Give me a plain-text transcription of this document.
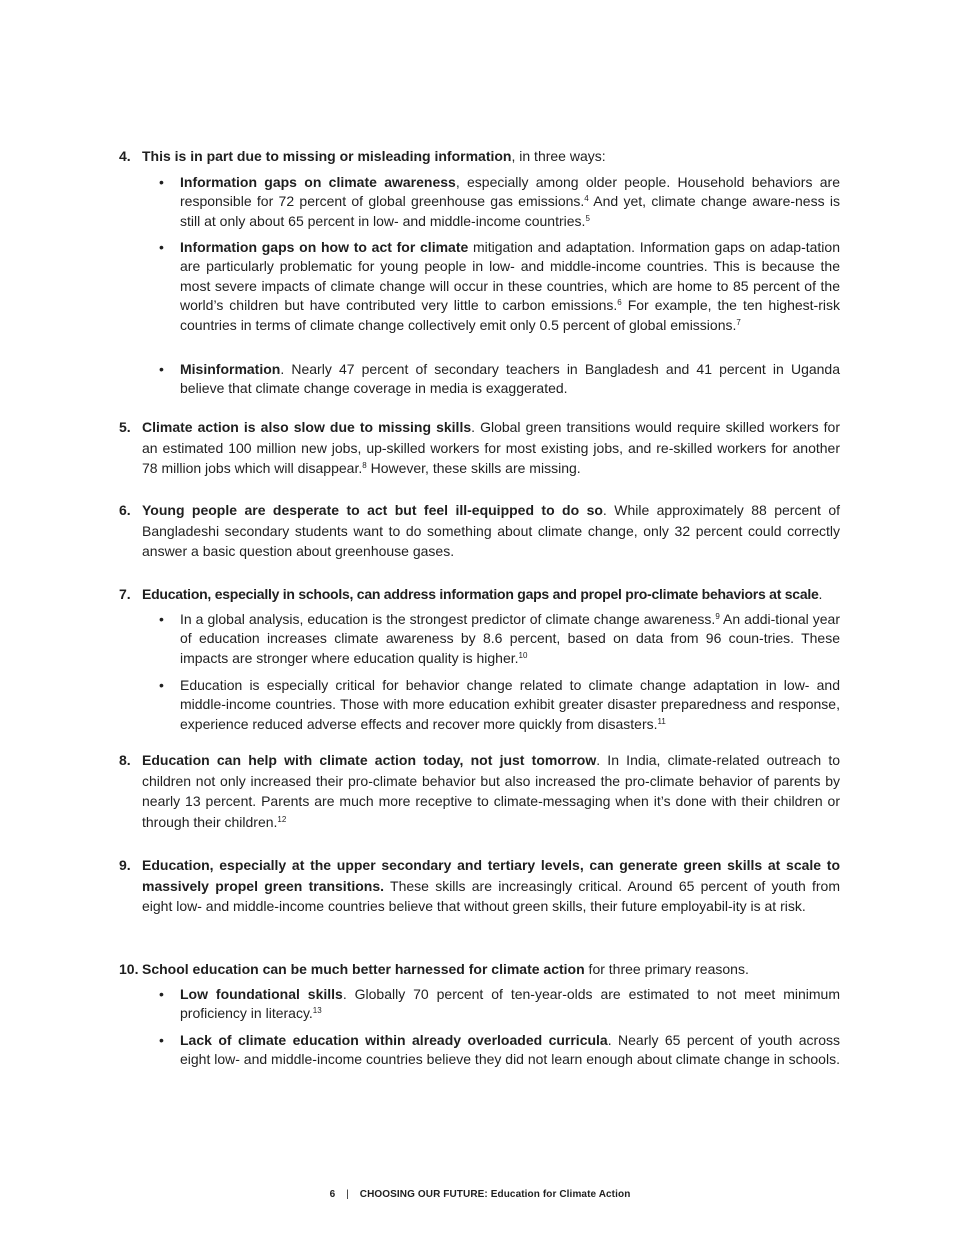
4. This is in part due to missing or misleading information, in three ways:

• Information gaps on climate awareness, especially among older people. Household behaviors are responsible for 72 percent of global greenhouse gas emissions.$^4$ And yet, climate change aware-ness is still at only about 65 percent in low- and middle-income countries.$^5$
• Information gaps on how to act for climate mitigation and adaptation. Information gaps on adap-tation are particularly problematic for young people in low- and middle-income countries. This is because the most severe impacts of climate change will occur in these countries, which are home to 85 percent of the world’s children but have contributed very little to carbon emissions.$^6$ For example, the ten highest-risk countries in terms of climate change collectively emit only 0.5 percent of global emissions.$^7$
• Misinformation. Nearly 47 percent of secondary teachers in Bangladesh and 41 percent in Uganda believe that climate change coverage in media is exaggerated.
5. Climate action is also slow due to missing skills. Global green transitions would require skilled workers for an estimated 100 million new jobs, up-skilled workers for most existing jobs, and re-skilled workers for another 78 million jobs which will disappear.$^8$ However, these skills are missing.

6. Young people are desperate to act but feel ill-equipped to do so. While approximately 88 percent of Bangladeshi secondary students want to do something about climate change, only 32 percent could correctly answer a basic question about greenhouse gases.

7. Education, especially in schools, can address information gaps and propel pro-climate behaviors at scale.

• In a global analysis, education is the strongest predictor of climate change awareness.$^9$ An addi-tional year of education increases climate awareness by 8.6 percent, based on data from 96 coun-tries. These impacts are stronger where education quality is higher.$^{10}$
• Education is especially critical for behavior change related to climate change adaptation in low- and middle-income countries. Those with more education exhibit greater disaster preparedness and response, experience reduced adverse effects and recover more quickly from disasters.$^{11}$
8. Education can help with climate action today, not just tomorrow. In India, climate-related outreach to children not only increased their pro-climate behavior but also increased the pro-climate behavior of parents by nearly 13 percent. Parents are much more receptive to climate-messaging when it’s done with their children or through their children.$^{12}$

9. Education, especially at the upper secondary and tertiary levels, can generate green skills at scale to massively propel green transitions. These skills are increasingly critical. Around 65 percent of youth from eight low- and middle-income countries believe that without green skills, their future employabil-ity is at risk.

10. School education can be much better harnessed for climate action for three primary reasons.

• Low foundational skills. Globally 70 percent of ten-year-olds are estimated to not meet minimum proficiency in literacy.$^{13}$
• Lack of climate education within already overloaded curricula. Nearly 65 percent of youth across eight low- and middle-income countries believe they did not learn enough about climate change in schools.
6 | CHOOSING OUR FUTURE: Education for Climate Action
